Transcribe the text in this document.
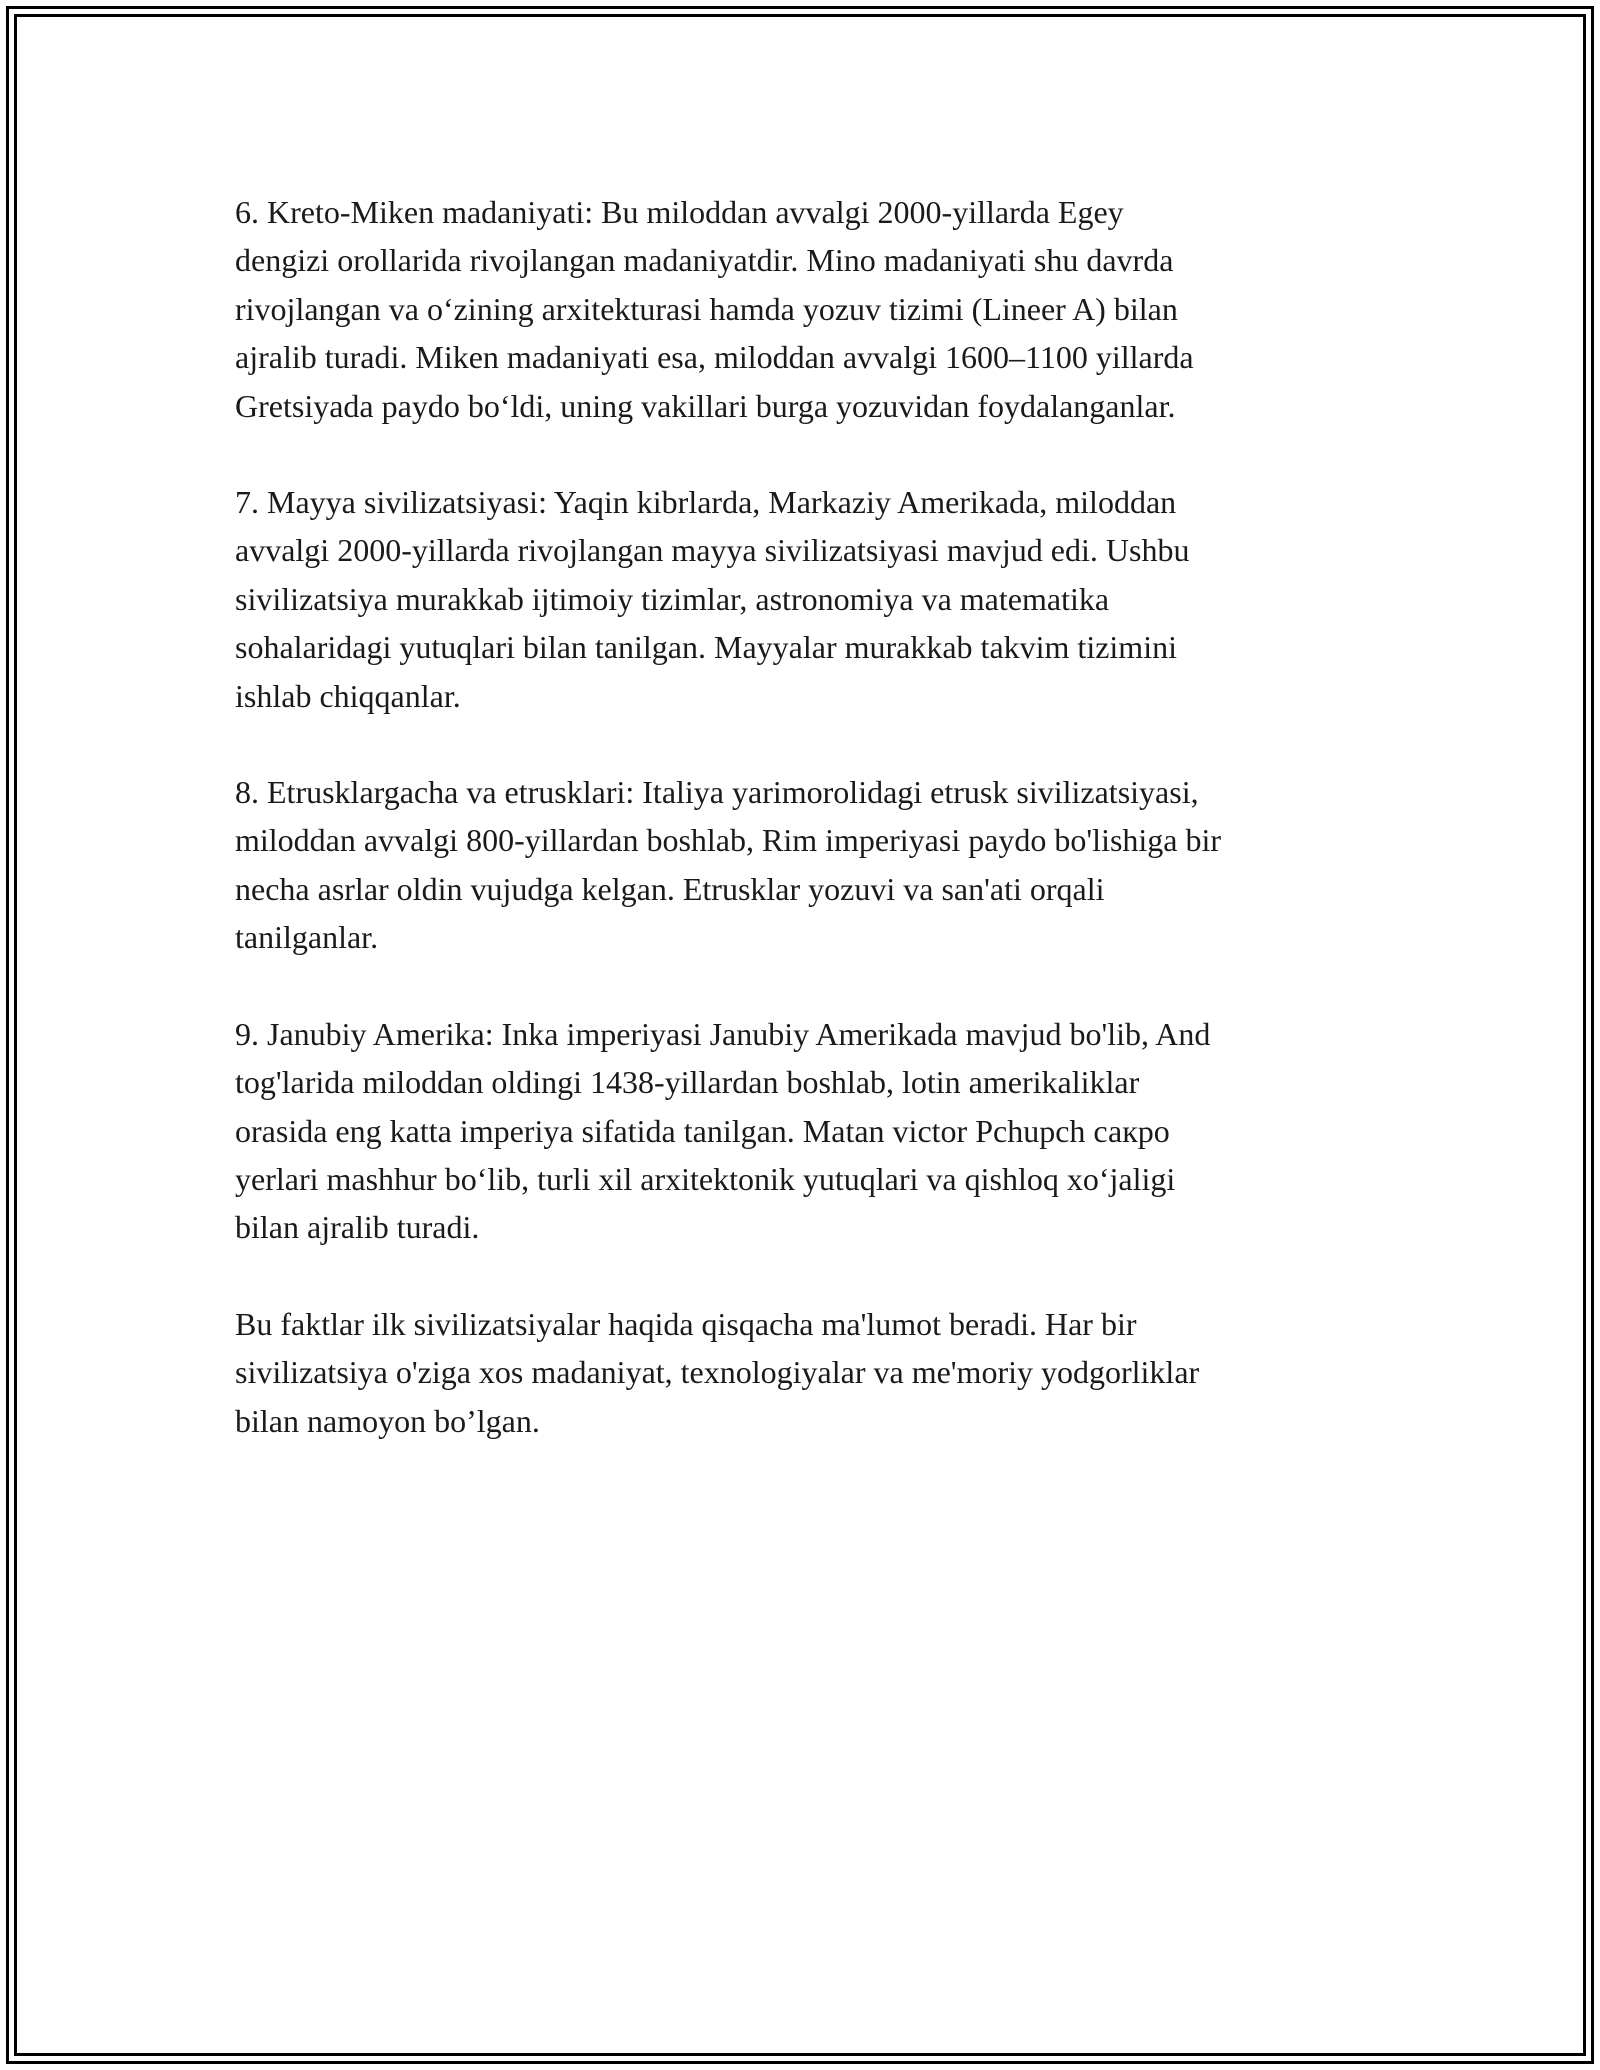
6. Kreto-Miken madaniyati: Bu miloddan avvalgi 2000-yillarda Egey
dengizi orollarida rivojlangan madaniyatdir. Mino madaniyati shu davrda
rivojlangan va o‘zining arxitekturasi hamda yozuv tizimi (Lineer A) bilan
ajralib turadi. Miken madaniyati esa, miloddan avvalgi 1600–1100 yillarda
Gretsiyada paydo bo‘ldi, uning vakillari burga yozuvidan foydalanganlar.

7. Mayya sivilizatsiyasi: Yaqin kibrlarda, Markaziy Amerikada, miloddan
avvalgi 2000-yillarda rivojlangan mayya sivilizatsiyasi mavjud edi. Ushbu
sivilizatsiya murakkab ijtimoiy tizimlar, astronomiya va matematika
sohalaridagi yutuqlari bilan tanilgan. Mayyalar murakkab takvim tizimini
ishlab chiqqanlar.

8. Etrusklargacha va etrusklari: Italiya yarimorolidagi etrusk sivilizatsiyasi,
miloddan avvalgi 800-yillardan boshlab, Rim imperiyasi paydo bo'lishiga bir
necha asrlar oldin vujudga kelgan. Etrusklar yozuvi va san'ati orqali
tanilganlar.

9. Janubiy Amerika: Inka imperiyasi Janubiy Amerikada mavjud bo'lib, And
tog'larida miloddan oldingi 1438-yillardan boshlab, lotin amerikaliklar
orasida eng katta imperiya sifatida tanilgan. Matan victor Pchupch сакро
yerlari mashhur bo‘lib, turli xil arxitektonik yutuqlari va qishloq xo‘jaligi
bilan ajralib turadi.

Bu faktlar ilk sivilizatsiyalar haqida qisqacha ma'lumot beradi. Har bir
sivilizatsiya o'ziga xos madaniyat, texnologiyalar va me'moriy yodgorliklar
bilan namoyon bo’lgan.
